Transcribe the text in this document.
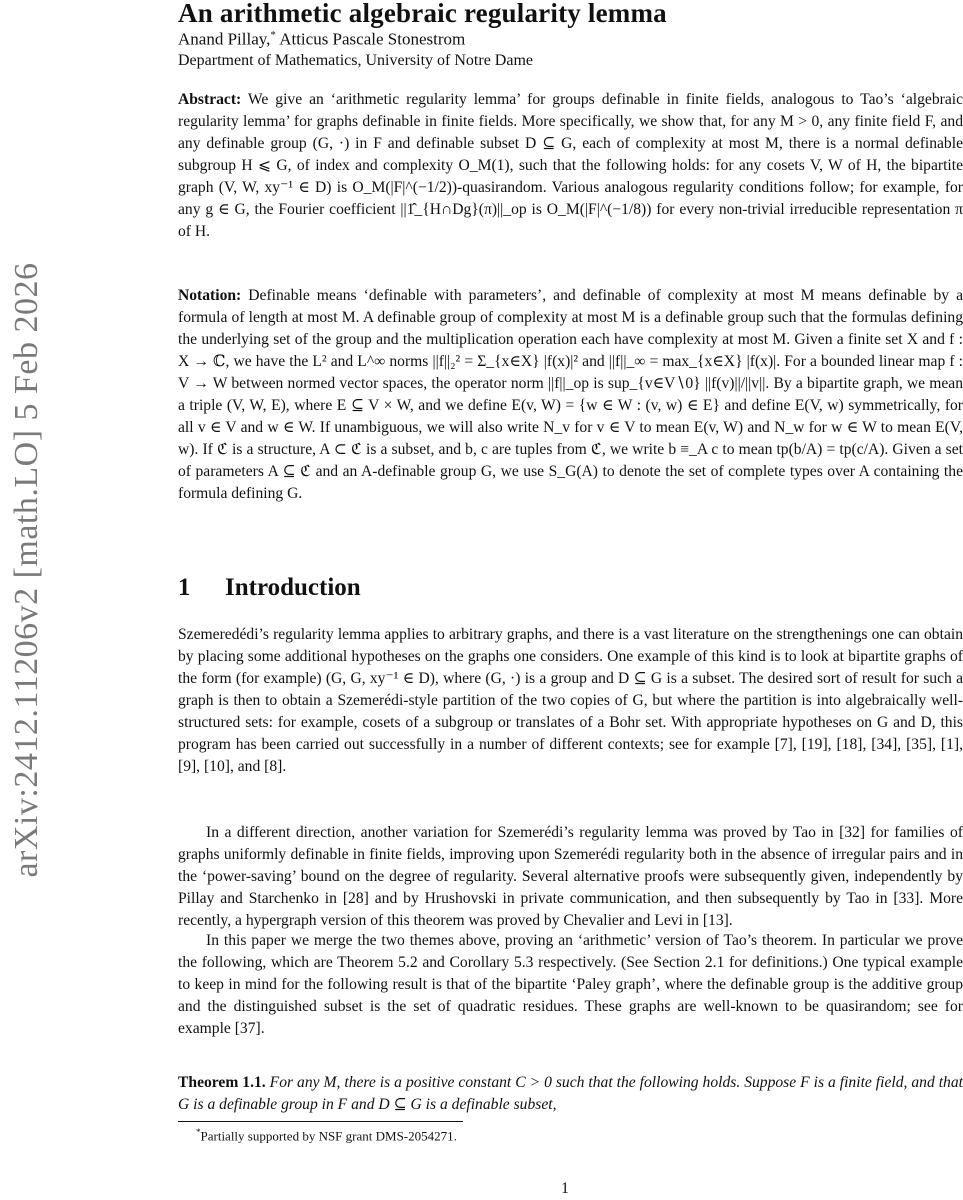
arXiv:2412.11206v2 [math.LO] 5 Feb 2026
An arithmetic algebraic regularity lemma
Anand Pillay,* Atticus Pascale Stonestrom
Department of Mathematics, University of Notre Dame
Abstract: We give an ‘arithmetic regularity lemma’ for groups definable in finite fields, analogous to Tao’s ‘algebraic regularity lemma’ for graphs definable in finite fields. More specifically, we show that, for any M > 0, any finite field F, and any definable group (G, ·) in F and definable subset D ⊆ G, each of complexity at most M, there is a normal definable subgroup H ⩽ G, of index and complexity O_M(1), such that the following holds: for any cosets V, W of H, the bipartite graph (V, W, xy⁻¹ ∈ D) is O_M(|F|^(−1/2))-quasirandom. Various analogous regularity conditions follow; for example, for any g ∈ G, the Fourier coefficient ||1̂_{H∩Dg}(π)||_op is O_M(|F|^(−1/8)) for every non-trivial irreducible representation π of H.
Notation: Definable means ‘definable with parameters’, and definable of complexity at most M means definable by a formula of length at most M. A definable group of complexity at most M is a definable group such that the formulas defining the underlying set of the group and the multiplication operation each have complexity at most M. Given a finite set X and f : X → ℂ, we have the L² and L^∞ norms ||f||₂² = Σ_{x∈X} |f(x)|² and ||f||_∞ = max_{x∈X} |f(x)|. For a bounded linear map f : V → W between normed vector spaces, the operator norm ||f||_op is sup_{v∈V∖0} ||f(v)||/||v||. By a bipartite graph, we mean a triple (V, W, E), where E ⊆ V × W, and we define E(v, W) = {w ∈ W : (v, w) ∈ E} and define E(V, w) symmetrically, for all v ∈ V and w ∈ W. If unambiguous, we will also write N_v for v ∈ V to mean E(v, W) and N_w for w ∈ W to mean E(V, w). If ℭ is a structure, A ⊂ ℭ is a subset, and b, c are tuples from ℭ, we write b ≡_A c to mean tp(b/A) = tp(c/A). Given a set of parameters A ⊆ ℭ and an A-definable group G, we use S_G(A) to denote the set of complete types over A containing the formula defining G.
1 Introduction
Szemeredédi’s regularity lemma applies to arbitrary graphs, and there is a vast literature on the strengthenings one can obtain by placing some additional hypotheses on the graphs one considers. One example of this kind is to look at bipartite graphs of the form (for example) (G, G, xy⁻¹ ∈ D), where (G, ·) is a group and D ⊆ G is a subset. The desired sort of result for such a graph is then to obtain a Szemerédi-style partition of the two copies of G, but where the partition is into algebraically well-structured sets: for example, cosets of a subgroup or translates of a Bohr set. With appropriate hypotheses on G and D, this program has been carried out successfully in a number of different contexts; see for example [7], [19], [18], [34], [35], [1], [9], [10], and [8].
In a different direction, another variation for Szemerédi’s regularity lemma was proved by Tao in [32] for families of graphs uniformly definable in finite fields, improving upon Szemerédi regularity both in the absence of irregular pairs and in the ‘power-saving’ bound on the degree of regularity. Several alternative proofs were subsequently given, independently by Pillay and Starchenko in [28] and by Hrushovski in private communication, and then subsequently by Tao in [33]. More recently, a hypergraph version of this theorem was proved by Chevalier and Levi in [13].
In this paper we merge the two themes above, proving an ‘arithmetic’ version of Tao’s theorem. In particular we prove the following, which are Theorem 5.2 and Corollary 5.3 respectively. (See Section 2.1 for definitions.) One typical example to keep in mind for the following result is that of the bipartite ‘Paley graph’, where the definable group is the additive group and the distinguished subset is the set of quadratic residues. These graphs are well-known to be quasirandom; see for example [37].
Theorem 1.1. For any M, there is a positive constant C > 0 such that the following holds. Suppose F is a finite field, and that G is a definable group in F and D ⊆ G is a definable subset,
*Partially supported by NSF grant DMS-2054271.
1
